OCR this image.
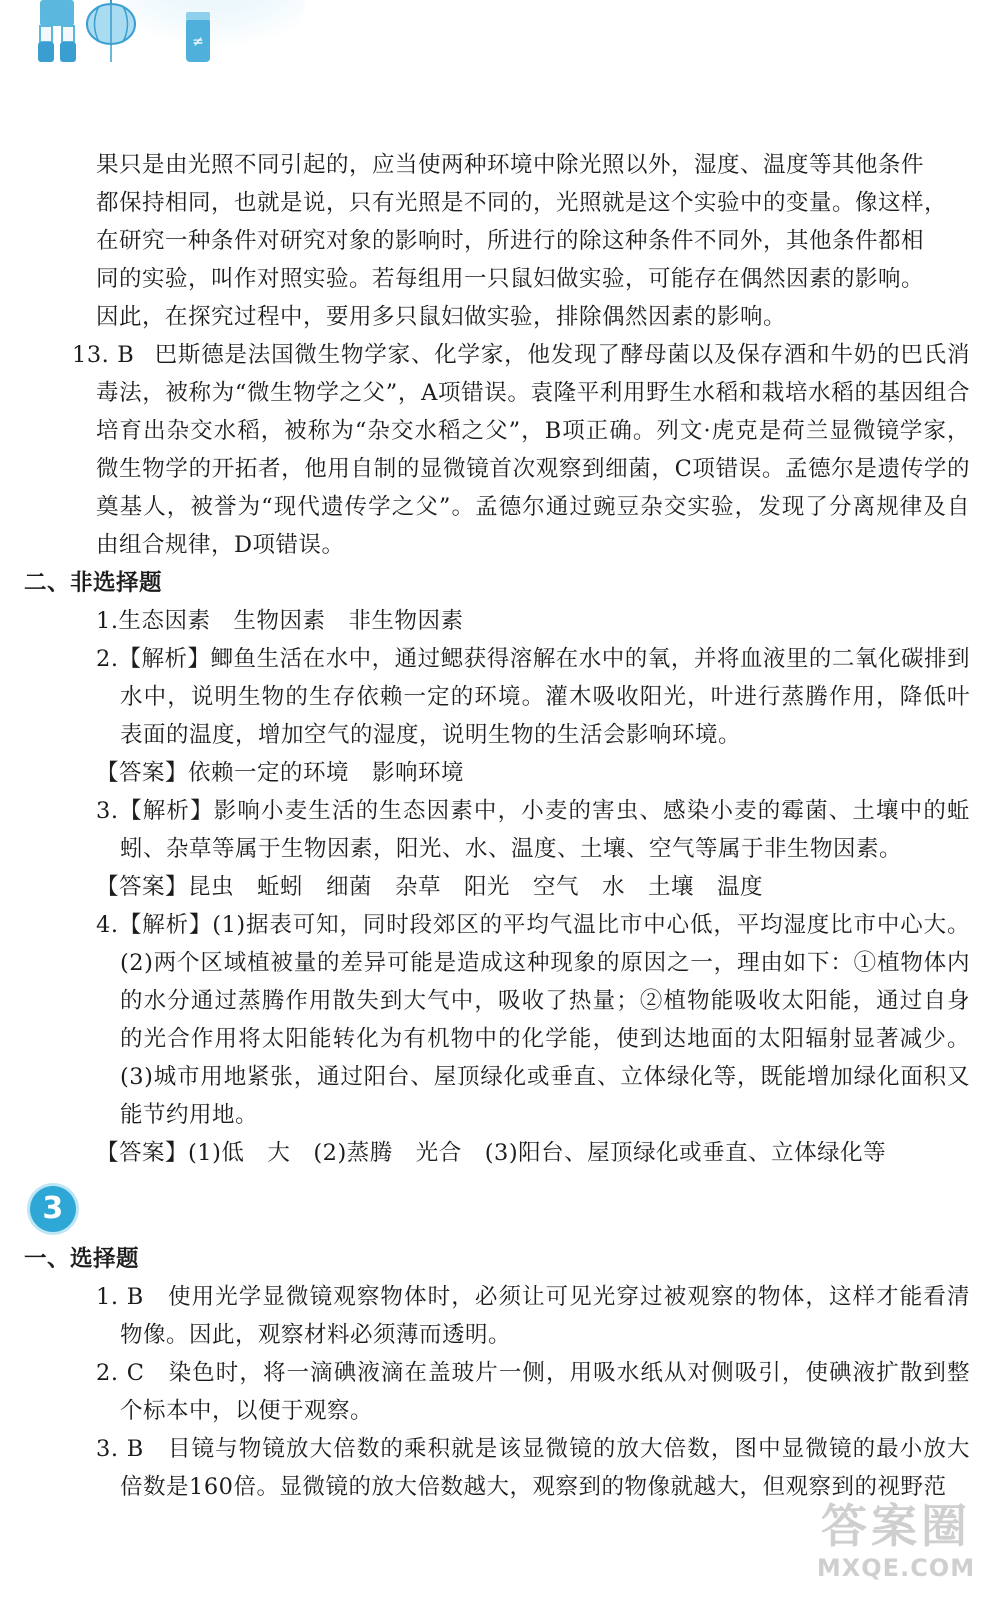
≠

果只是由光照不同引起的，应当使两种环境中除光照以外，湿度、温度等其他条件

都保持相同，也就是说，只有光照是不同的，光照就是这个实验中的变量。像这样，

在研究一种条件对研究对象的影响时，所进行的除这种条件不同外，其他条件都相

同的实验，叫作对照实验。若每组用一只鼠妇做实验，可能存在偶然因素的影响。

因此，在探究过程中，要用多只鼠妇做实验，排除偶然因素的影响。

13. B 巴斯德是法国微生物学家、化学家，他发现了酵母菌以及保存酒和牛奶的巴氏消毒法，被称为“微生物学之父”，A项错误。袁隆平利用野生水稻和栽培水稻的基因组合培育出杂交水稻，被称为“杂交水稻之父”，B项正确。列文·虎克是荷兰显微镜学家，微生物学的开拓者，他用自制的显微镜首次观察到细菌，C项错误。孟德尔是遗传学的奠基人，被誉为“现代遗传学之父”。孟德尔通过豌豆杂交实验，发现了分离规律及自由组合规律，D项错误。

二、非选择题

1.生态因素　生物因素　非生物因素

2.【解析】鲫鱼生活在水中，通过鳃获得溶解在水中的氧，并将血液里的二氧化碳排到水中，说明生物的生存依赖一定的环境。灌木吸收阳光，叶进行蒸腾作用，降低叶表面的温度，增加空气的湿度，说明生物的生活会影响环境。

【答案】依赖一定的环境　影响环境

3.【解析】影响小麦生活的生态因素中，小麦的害虫、感染小麦的霉菌、土壤中的蚯蚓、杂草等属于生物因素，阳光、水、温度、土壤、空气等属于非生物因素。

【答案】昆虫　蚯蚓　细菌　杂草　阳光　空气　水　土壤　温度

4.【解析】(1)据表可知，同时段郊区的平均气温比市中心低，平均湿度比市中心大。(2)两个区域植被量的差异可能是造成这种现象的原因之一，理由如下：①植物体内的水分通过蒸腾作用散失到大气中，吸收了热量；②植物能吸收太阳能，通过自身的光合作用将太阳能转化为有机物中的化学能，使到达地面的太阳辐射显著减少。(3)城市用地紧张，通过阳台、屋顶绿化或垂直、立体绿化等，既能增加绿化面积又能节约用地。

【答案】(1)低　大　(2)蒸腾　光合　(3)阳台、屋顶绿化或垂直、立体绿化等

3

一、选择题

1. B　使用光学显微镜观察物体时，必须让可见光穿过被观察的物体，这样才能看清物像。因此，观察材料必须薄而透明。

2. C　染色时，将一滴碘液滴在盖玻片一侧，用吸水纸从对侧吸引，使碘液扩散到整个标本中，以便于观察。

3. B　目镜与物镜放大倍数的乘积就是该显微镜的放大倍数，图中显微镜的最小放大倍数是160倍。显微镜的放大倍数越大，观察到的物像就越大，但观察到的视野范

答案圈
MXQE.COM
